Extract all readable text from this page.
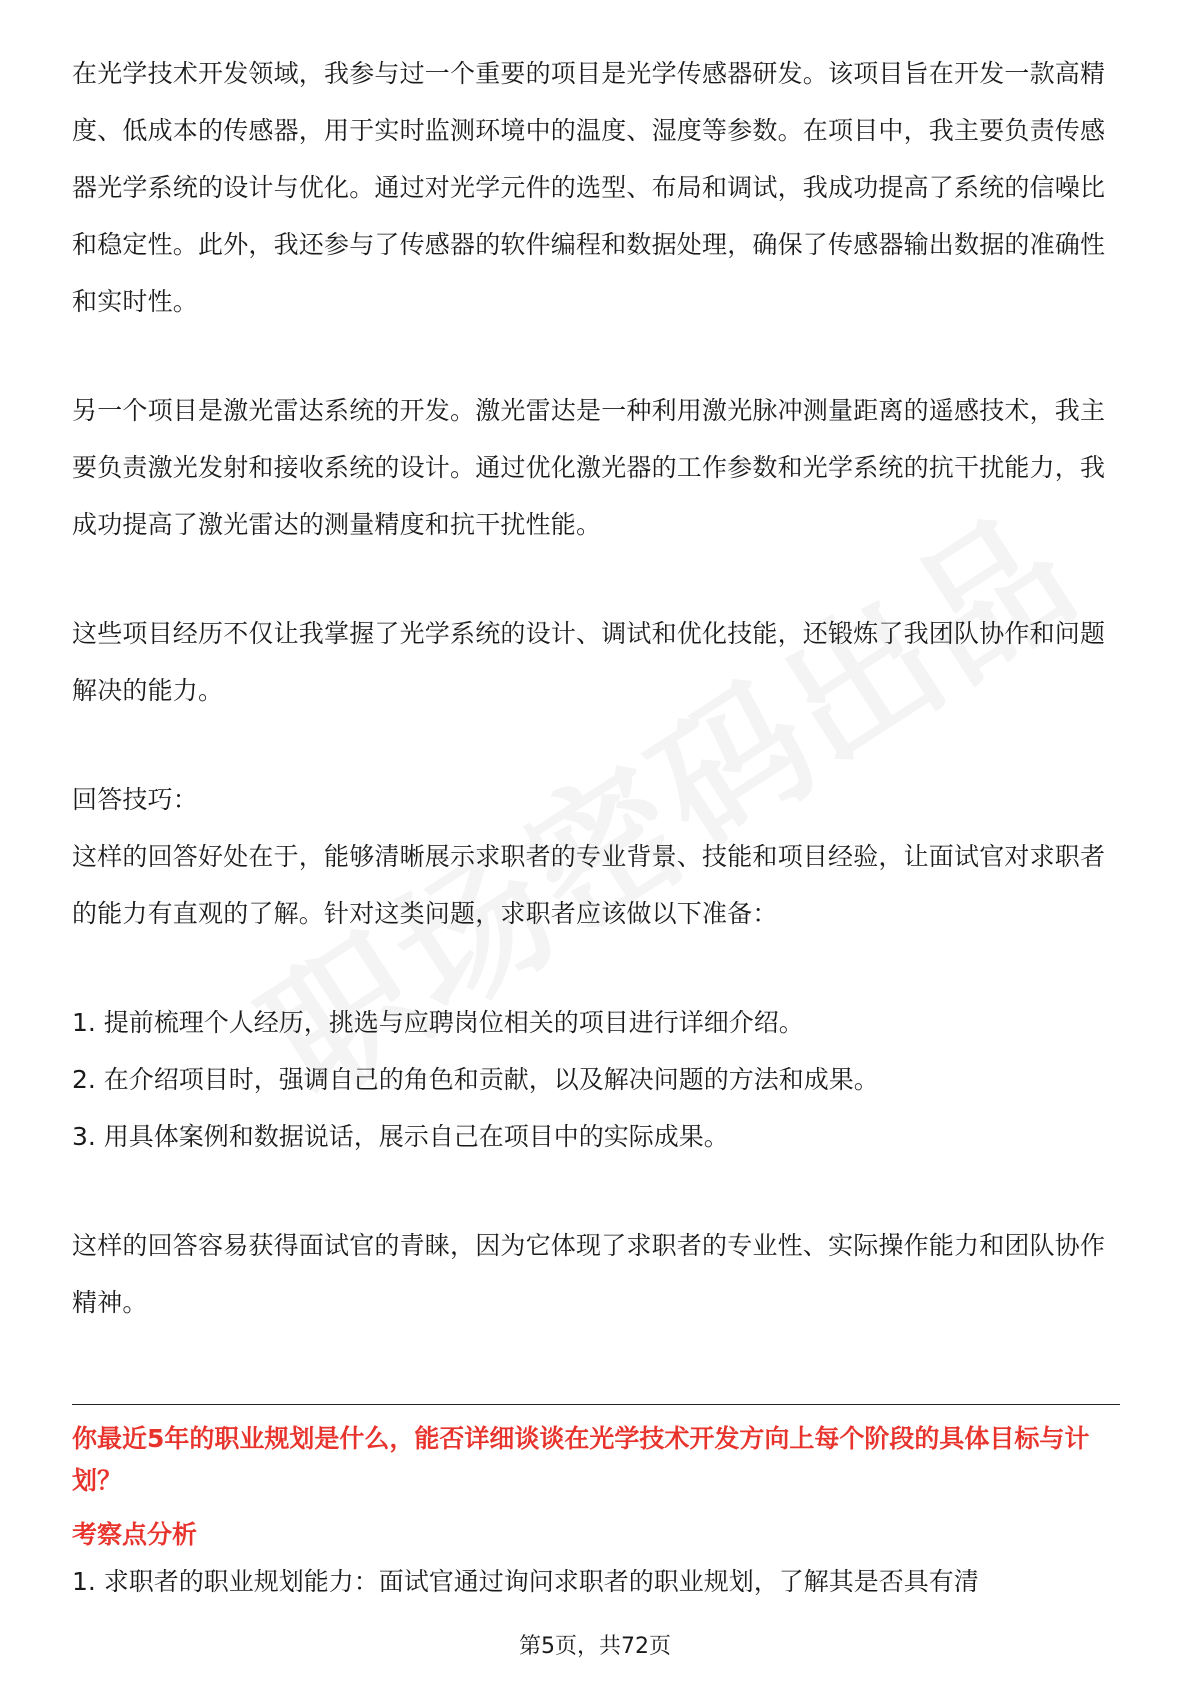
在光学技术开发领域，我参与过一个重要的项目是光学传感器研发。该项目旨在开发一款高精度、低成本的传感器，用于实时监测环境中的温度、湿度等参数。在项目中，我主要负责传感器光学系统的设计与优化。通过对光学元件的选型、布局和调试，我成功提高了系统的信噪比和稳定性。此外，我还参与了传感器的软件编程和数据处理，确保了传感器输出数据的准确性和实时性。

另一个项目是激光雷达系统的开发。激光雷达是一种利用激光脉冲测量距离的遥感技术，我主要负责激光发射和接收系统的设计。通过优化激光器的工作参数和光学系统的抗干扰能力，我成功提高了激光雷达的测量精度和抗干扰性能。

这些项目经历不仅让我掌握了光学系统的设计、调试和优化技能，还锻炼了我团队协作和问题解决的能力。

回答技巧：

这样的回答好处在于，能够清晰展示求职者的专业背景、技能和项目经验，让面试官对求职者的能力有直观的了解。针对这类问题，求职者应该做以下准备：

1. 提前梳理个人经历，挑选与应聘岗位相关的项目进行详细介绍。

2. 在介绍项目时，强调自己的角色和贡献，以及解决问题的方法和成果。

3. 用具体案例和数据说话，展示自己在项目中的实际成果。

这样的回答容易获得面试官的青睐，因为它体现了求职者的专业性、实际操作能力和团队协作精神。

你最近5年的职业规划是什么，能否详细谈谈在光学技术开发方向上每个阶段的具体目标与计划？

考察点分析

1. 求职者的职业规划能力：面试官通过询问求职者的职业规划，了解其是否具有清

第5页，共72页
